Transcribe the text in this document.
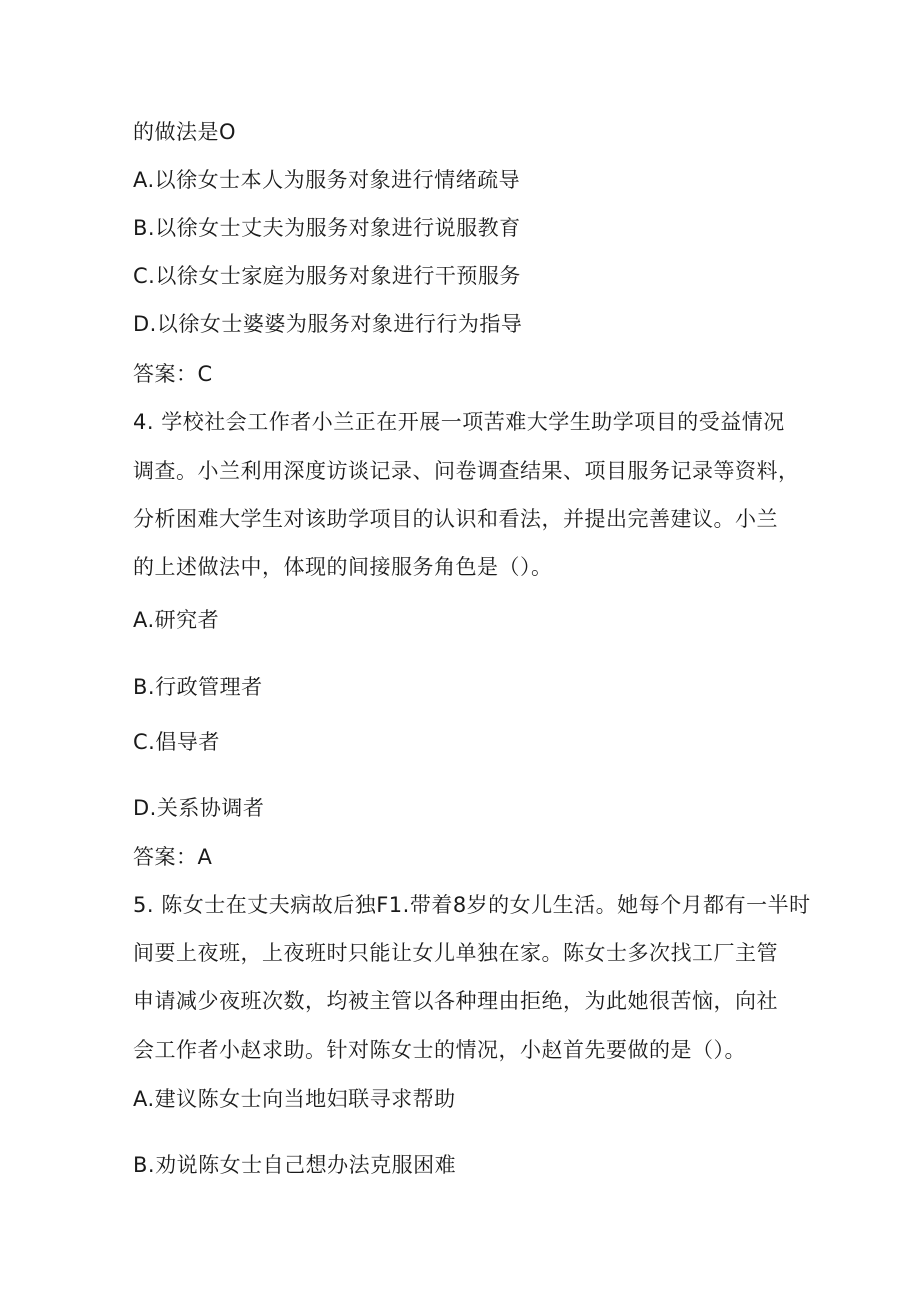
的做法是O
A.以徐女士本人为服务对象进行情绪疏导
B.以徐女士丈夫为服务对象进行说服教育
C.以徐女士家庭为服务对象进行干预服务
D.以徐女士婆婆为服务对象进行行为指导
答案：C
4. 学校社会工作者小兰正在开展一项苦难大学生助学项目的受益情况
调查。小兰利用深度访谈记录、问卷调查结果、项目服务记录等资料，
分析困难大学生对该助学项目的认识和看法，并提出完善建议。小兰
的上述做法中，体现的间接服务角色是（）。
A.研究者
B.行政管理者
C.倡导者
D.关系协调者
答案：A
5. 陈女士在丈夫病故后独F1.带着8岁的女儿生活。她每个月都有一半时
间要上夜班，上夜班时只能让女儿单独在家。陈女士多次找工厂主管
申请减少夜班次数，均被主管以各种理由拒绝，为此她很苦恼，向社
会工作者小赵求助。针对陈女士的情况，小赵首先要做的是（）。
A.建议陈女士向当地妇联寻求帮助
B.劝说陈女士自己想办法克服困难
